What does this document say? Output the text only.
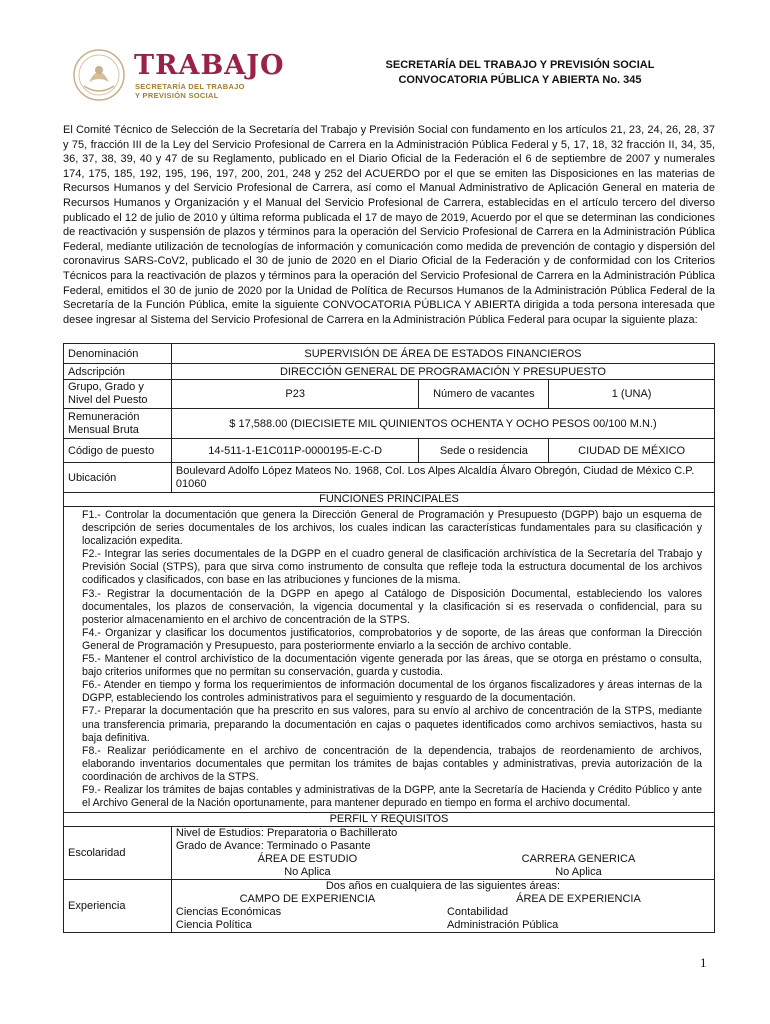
TRABAJO
SECRETARÍA DEL TRABAJO
Y PREVISIÓN SOCIAL
SECRETARÍA DEL TRABAJO Y PREVISIÓN SOCIAL
CONVOCATORIA PÚBLICA Y ABIERTA No. 345
El Comité Técnico de Selección de la Secretaría del Trabajo y Previsión Social con fundamento en los artículos 21, 23, 24, 26, 28, 37 y 75, fracción III de la Ley del Servicio Profesional de Carrera en la Administración Pública Federal y 5, 17, 18, 32 fracción II, 34, 35, 36, 37, 38, 39, 40 y 47 de su Reglamento, publicado en el Diario Oficial de la Federación el 6 de septiembre de 2007 y numerales 174, 175, 185, 192, 195, 196, 197, 200, 201, 248 y 252 del ACUERDO por el que se emiten las Disposiciones en las materias de Recursos Humanos y del Servicio Profesional de Carrera, así como el Manual Administrativo de Aplicación General en materia de Recursos Humanos y Organización y el Manual del Servicio Profesional de Carrera, establecidas en el artículo tercero del diverso publicado el 12 de julio de 2010 y última reforma publicada el 17 de mayo de 2019, Acuerdo por el que se determinan las condiciones de reactivación y suspensión de plazos y términos para la operación del Servicio Profesional de Carrera en la Administración Pública Federal, mediante utilización de tecnologías de información y comunicación como medida de prevención de contagio y dispersión del coronavirus SARS-CoV2, publicado el 30 de junio de 2020 en el Diario Oficial de la Federación y de conformidad con los Criterios Técnicos para la reactivación de plazos y términos para la operación del Servicio Profesional de Carrera en la Administración Pública Federal, emitidos el 30 de junio de 2020 por la Unidad de Política de Recursos Humanos de la Administración Pública Federal de la Secretaría de la Función Pública, emite la siguiente CONVOCATORIA PÚBLICA Y ABIERTA dirigida a toda persona interesada que desee ingresar al Sistema del Servicio Profesional de Carrera en la Administración Pública Federal para ocupar la siguiente plaza:
Denominación	SUPERVISIÓN DE ÁREA DE ESTADOS FINANCIEROS
Adscripción	DIRECCIÓN GENERAL DE PROGRAMACIÓN Y PRESUPUESTO
Grupo, Grado y Nivel del Puesto	P23	Número de vacantes	1 (UNA)
Remuneración Mensual Bruta	$ 17,588.00 (DIECISIETE MIL QUINIENTOS OCHENTA Y OCHO PESOS 00/100 M.N.)
Código de puesto	14-511-1-E1C011P-0000195-E-C-D	Sede o residencia	CIUDAD DE MÉXICO
Ubicación	Boulevard Adolfo López Mateos No. 1968, Col. Los Alpes Alcaldía Álvaro Obregón, Ciudad de México C.P. 01060
FUNCIONES PRINCIPALES

F1.- Controlar la documentación que genera la Dirección General de Programación y Presupuesto (DGPP) bajo un esquema de descripción de series documentales de los archivos, los cuales indican las características fundamentales para su clasificación y localización expedita.

F2.- Integrar las series documentales de la DGPP en el cuadro general de clasificación archivística de la Secretaría del Trabajo y Previsión Social (STPS), para que sirva como instrumento de consulta que refleje toda la estructura documental de los archivos codificados y clasificados, con base en las atribuciones y funciones de la misma.

F3.- Registrar la documentación de la DGPP en apego al Catálogo de Disposición Documental, estableciendo los valores documentales, los plazos de conservación, la vigencia documental y la clasificación si es reservada o confidencial, para su posterior almacenamiento en el archivo de concentración de la STPS.

F4.- Organizar y clasificar los documentos justificatorios, comprobatorios y de soporte, de las áreas que conforman la Dirección General de Programación y Presupuesto, para posteriormente enviarlo a la sección de archivo contable.

F5.- Mantener el control archivístico de la documentación vigente generada por las áreas, que se otorga en préstamo o consulta, bajo criterios uniformes que no permitan su conservación, guarda y custodia.

F6.- Atender en tiempo y forma los requerimientos de información documental de los órganos fiscalizadores y áreas internas de la DGPP, estableciendo los controles administrativos para el seguimiento y resguardo de la documentación.

F7.- Preparar la documentación que ha prescrito en sus valores, para su envío al archivo de concentración de la STPS, mediante una transferencia primaria, preparando la documentación en cajas o paquetes identificados como archivos semiactivos, hasta su baja definitiva.

F8.- Realizar periódicamente en el archivo de concentración de la dependencia, trabajos de reordenamiento de archivos, elaborando inventarios documentales que permitan los trámites de bajas contables y administrativas, previa autorización de la coordinación de archivos de la STPS.

F9.- Realizar los trámites de bajas contables y administrativas de la DGPP, ante la Secretaría de Hacienda y Crédito Público y ante el Archivo General de la Nación oportunamente, para mantener depurado en tiempo en forma el archivo documental.

PERFIL Y REQUISITOS
Escolaridad	
Nivel de Estudios: Preparatoria o Bachillerato
Grado de Avance: Terminado o Pasante
ÁREA DE ESTUDIO	CARRERA GENERICA
No Aplica	No Aplica

Experiencia	
Dos años en cualquiera de las siguientes áreas:
CAMPO DE EXPERIENCIA	ÁREA DE EXPERIENCIA
Ciencias Económicas	Contabilidad
Ciencia Política	Administración Pública
1
